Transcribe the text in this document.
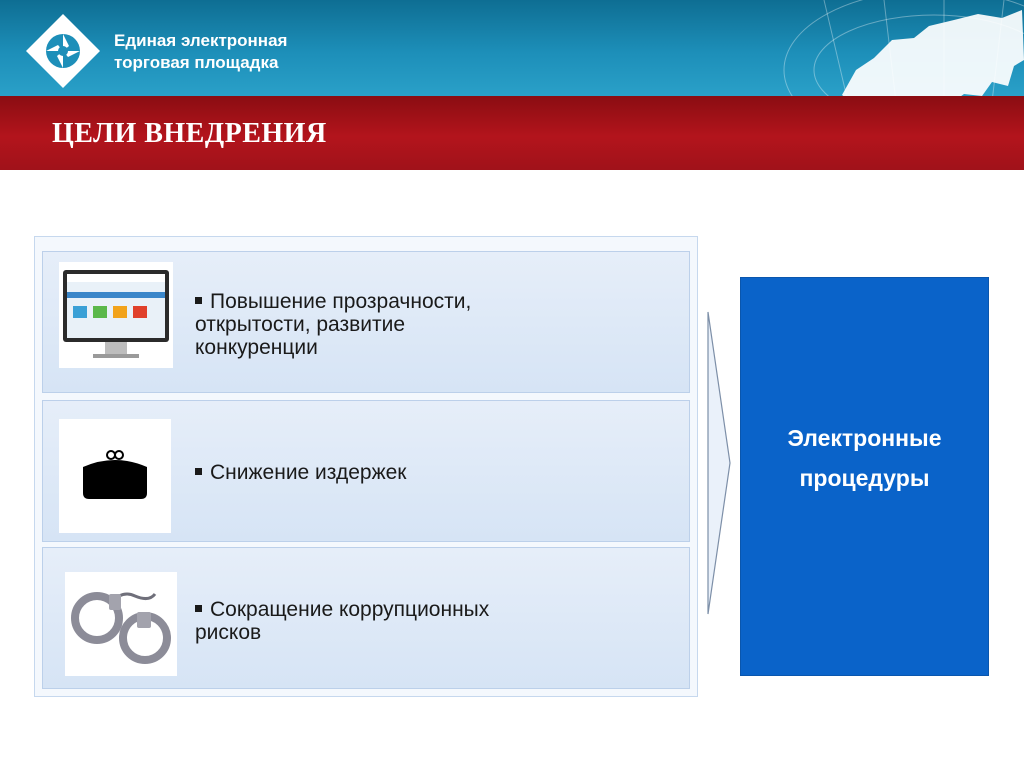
Единая электронная
торговая площадка
ЦЕЛИ ВНЕДРЕНИЯ
Повышение прозрачности,
открытости, развитие
конкуренции
Снижение издержек
Сокращение коррупционных
рисков
Электронные
процедуры
